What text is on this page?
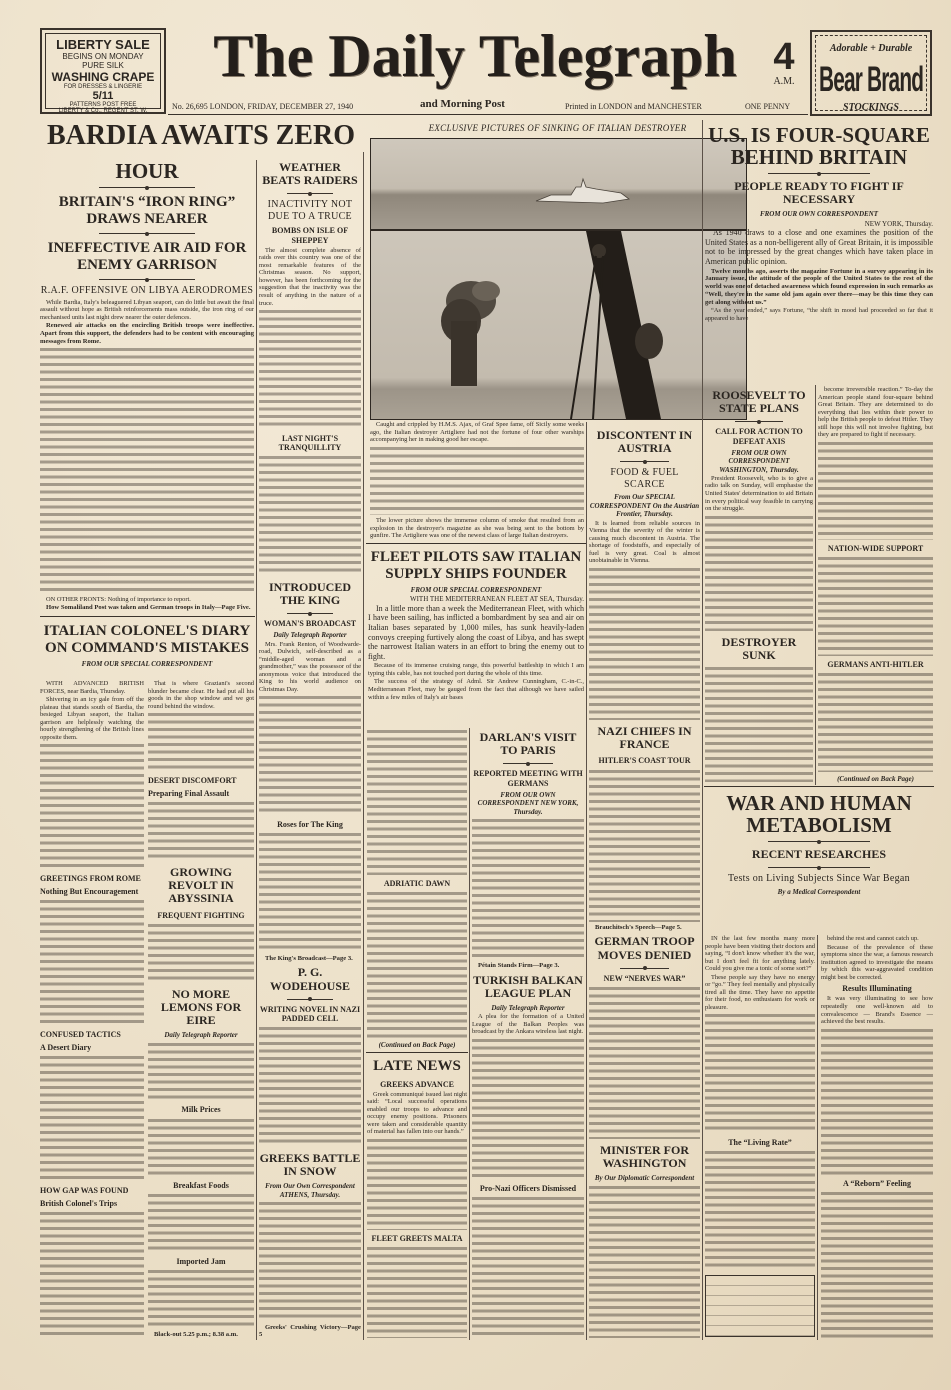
LIBERTY SALE
BEGINS ON MONDAY
PURE SILK
WASHING CRAPE
FOR DRESSES & LINGERIE
5/11
PATTERNS POST FREE
LIBERTY & Co., REGENT ST. W.
The Daily Telegraph 4
A.M.
Adorable + Durable
Bear Brand
STOCKINGS
No. 26,695 LONDON, FRIDAY, DECEMBER 27, 1940	and Morning Post	Printed in LONDON and MANCHESTER	ONE PENNY
BARDIA AWAITS ZERO	EXCLUSIVE PICTURES OF SINKING OF ITALIAN DESTROYER
HOUR
BRITAIN'S “IRON RING” DRAWS NEARER
INEFFECTIVE AIR AID FOR ENEMY GARRISON
R.A.F. OFFENSIVE ON LIBYA AERODROMES
While Bardia, Italy's beleaguered Libyan seaport, can do little but await the final assault without hope as British reinforcements mass outside, the iron ring of our mechanised units last night drew nearer the outer defences.
Renewed air attacks on the encircling British troops were ineffective. Apart from this support, the defenders had to be content with encouraging messages from Rome.
ON OTHER FRONTS: Nothing of importance to report.
How Somaliland Post was taken and German troops in Italy—Page Five.
ITALIAN COLONEL'S DIARY ON COMMAND'S MISTAKES
FROM OUR SPECIAL CORRESPONDENT
WITH ADVANCED BRITISH FORCES, near Bardia, Thursday.
Shivering in an icy gale from off the plateau that stands south of Bardia, the besieged Libyan seaport, the Italian garrison are helplessly watching the hourly strengthening of the British lines opposite them.
GREETINGS FROM ROME
Nothing But Encouragement
CONFUSED TACTICS
A Desert Diary
HOW GAP WAS FOUND
British Colonel's Trips
That is where Graziani's second blunder became clear. He had put all his goods in the shop window and we got round behind the window.
DESERT DISCOMFORT
Preparing Final Assault
GROWING REVOLT IN ABYSSINIA
FREQUENT FIGHTING
NO MORE LEMONS FOR EIRE
Daily Telegraph Reporter
Milk Prices
Breakfast Foods
Imported Jam
Black-out 5.25 p.m.; 8.38 a.m.
WEATHER BEATS RAIDERS
INACTIVITY NOT DUE TO A TRUCE
BOMBS ON ISLE OF SHEPPEY
The almost complete absence of raids over this country was one of the most remarkable features of the Christmas season. No support, however, has been forthcoming for the suggestion that the inactivity was the result of anything in the nature of a truce.
LAST NIGHT'S TRANQUILLITY
INTRODUCED THE KING
WOMAN'S BROADCAST
Daily Telegraph Reporter
Mrs. Frank Renton, of Woodwarde-road, Dulwich, self-described as a “middle-aged woman and a grandmother,” was the possessor of the anonymous voice that introduced the King to his world audience on Christmas Day.
Roses for The King
The King's Broadcast—Page 3.
P. G. WODEHOUSE
WRITING NOVEL IN NAZI PADDED CELL
GREEKS BATTLE IN SNOW
From Our Own Correspondent ATHENS, Thursday.
Greeks' Crushing Victory—Page 5
Caught and crippled by H.M.S. Ajax, of Graf Spee fame, off Sicily some weeks ago, the Italian destroyer Artigliere had not the fortune of four other warships accompanying her in making good her escape.
The lower picture shows the immense column of smoke that resulted from an explosion in the destroyer's magazine as she was being sent to the bottom by gunfire. The Artigliere was one of the newest class of large Italian destroyers.
FLEET PILOTS SAW ITALIAN SUPPLY SHIPS FOUNDER
FROM OUR SPECIAL CORRESPONDENT
WITH THE MEDITERRANEAN FLEET AT SEA, Thursday.
In a little more than a week the Mediterranean Fleet, with which I have been sailing, has inflicted a bombardment by sea and air on Italian bases separated by 1,000 miles, has sunk heavily-laden convoys creeping furtively along the coast of Libya, and has swept the narrowest Italian waters in an effort to bring the enemy out to fight.
Because of its immense cruising range, this powerful battleship in which I am typing this cable, has not touched port during the whole of this time.
The success of the strategy of Adml. Sir Andrew Cunningham, C.-in-C., Mediterranean Fleet, may be gauged from the fact that although we have sailed within a few miles of Italy's air bases
ADRIATIC DAWN
(Continued on Back Page)
LATE NEWS
GREEKS ADVANCE
Greek communiqué issued last night said: “Local successful operations enabled our troops to advance and occupy enemy positions. Prisoners were taken and considerable quantity of material has fallen into our hands.”
FLEET GREETS MALTA
DARLAN'S VISIT TO PARIS
REPORTED MEETING WITH GERMANS
FROM OUR OWN CORRESPONDENT NEW YORK, Thursday.
Pétain Stands Firm—Page 3.
TURKISH BALKAN LEAGUE PLAN
Daily Telegraph Reporter
A plea for the formation of a United League of the Balkan Peoples was broadcast by the Ankara wireless last night.
Pro-Nazi Officers Dismissed
DISCONTENT IN AUSTRIA
FOOD & FUEL SCARCE
From Our SPECIAL CORRESPONDENT On the Austrian Frontier, Thursday.
It is learned from reliable sources in Vienna that the severity of the winter is causing much discontent in Austria. The shortage of foodstuffs, and especially of fuel is very great. Coal is almost unobtainable in Vienna.
NAZI CHIEFS IN FRANCE
HITLER'S COAST TOUR
Brauchitsch's Speech—Page 5.
GERMAN TROOP MOVES DENIED
NEW “NERVES WAR”
MINISTER FOR WASHINGTON
By Our Diplomatic Correspondent
U.S. IS FOUR-SQUARE BEHIND BRITAIN
PEOPLE READY TO FIGHT IF NECESSARY
FROM OUR OWN CORRESPONDENT
NEW YORK, Thursday.
As 1940 draws to a close and one examines the position of the United States as a non-belligerent ally of Great Britain, it is impossible not to be impressed by the great changes which have taken place in American public opinion.
Twelve months ago, asserts the magazine Fortune in a survey appearing in its January issue, the attitude of the people of the United States to the rest of the world was one of detached awareness which found expression in such remarks as “Well, they're in the same old jam again over there—may be this time they can get along without us.”
“As the year ended,” says Fortune, “the shift in mood had proceeded so far that it appeared to have
ROOSEVELT TO STATE PLANS
CALL FOR ACTION TO DEFEAT AXIS
FROM OUR OWN CORRESPONDENT WASHINGTON, Thursday.
President Roosevelt, who is to give a radio talk on Sunday, will emphasise the United States' determination to aid Britain in every political way feasible in carrying on the struggle.
DESTROYER SUNK
become irreversible reaction.” To-day the American people stand four-square behind Great Britain. They are determined to do everything that lies within their power to help the British people to defeat Hitler. They still hope this will not involve fighting, but they are prepared to fight if necessary.
NATION-WIDE SUPPORT
GERMANS ANTI-HITLER
(Continued on Back Page)
WAR AND HUMAN METABOLISM
RECENT RESEARCHES
Tests on Living Subjects Since War Began
By a Medical Correspondent
IN the last few months many more people have been visiting their doctors and saying, “I don't know whether it's the war, but I don't feel fit for anything lately. Could you give me a tonic of some sort?”
These people say they have no energy or “go.” They feel mentally and physically tired all the time. They have no appetite for their food, no enthusiasm for work or pleasure.
The “Living Rate”
behind the rest and cannot catch up.
Because of the prevalence of these symptoms since the war, a famous research institution agreed to investigate the means by which this war-aggravated condition might best be corrected.
Results Illuminating
It was very illuminating to see how repeatedly one well-known aid to convalescence — Brand's Essence — achieved the best results.
A “Reborn” Feeling
